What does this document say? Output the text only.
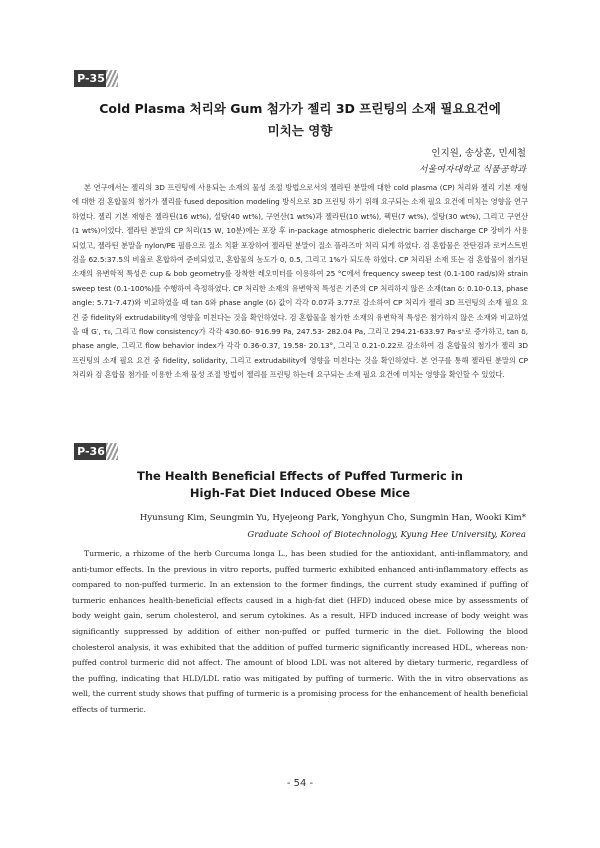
P-35
Cold Plasma 처리와 Gum 첨가가 젤리 3D 프린팅의 소재 필요요건에
미치는 영향
인지원, 송상훈, 민세철
서울여자대학교 식품공학과

본 연구에서는 젤리의 3D 프린팅에 사용되는 소재의 물성 조절 방법으로서의 젤라틴 분말에 대한 cold plasma (CP) 처리와 젤리 기본 재형에 대한 검 혼합물의 첨가가 젤리를 fused deposition modeling 방식으로 3D 프린팅 하기 위해 요구되는 소재 필요 요건에 미치는 영향을 연구하였다. 젤리 기본 재형은 젤라틴(16 wt%), 설탕(40 wt%), 구연산(1 wt%)과 젤라틴(10 wt%), 펙틴(7 wt%), 설탕(30 wt%), 그리고 구연산(1 wt%)이었다. 젤라틴 분말의 CP 처리(15 W, 10분)에는 포장 후 in-package atmospheric dielectric barrier discharge CP 장비가 사용되었고, 젤라틴 분말을 nylon/PE 필름으로 질소 치환 포장하여 젤라틴 분말이 질소 플라즈마 처리 되게 하였다. 검 혼합물은 잔탄검과 로커스트빈검을 62.5:37.5의 비율로 혼합하여 준비되었고, 혼합물의 농도가 0, 0.5, 그리고 1%가 되도록 하였다. CP 처리된 소재 또는 검 혼합물이 첨가된 소재의 유변학적 특성은 cup & bob geometry를 장착한 레오미터를 이용하여 25 °C에서 frequency sweep test (0.1-100 rad/s)와 strain sweep test (0.1-100%)를 수행하여 측정하였다. CP 처리한 소재의 유변학적 특성은 기존의 CP 처리하지 않은 소재(tan δ: 0.10-0.13, phase angle: 5.71-7.47)와 비교하였을 때 tan δ와 phase angle (δ) 값이 각각 0.07과 3.77로 감소하여 CP 처리가 젤리 3D 프린팅의 소재 필요 요건 중 fidelity와 extrudability에 영향을 미친다는 것을 확인하였다. 검 혼합물을 첨가한 소재의 유변학적 특성은 첨가하지 않은 소재와 비교하였을 때 G′, τ₀, 그리고 flow consistency가 각각 430.60- 916.99 Pa, 247.53- 282.04 Pa, 그리고 294.21-633.97 Pa·sⁿ로 증가하고, tan δ, phase angle, 그리고 flow behavior index가 각각 0.36-0.37, 19.58- 20.13°, 그리고 0.21-0.22로 감소하여 검 혼합물의 첨가가 젤리 3D 프린팅의 소재 필요 요건 중 fidelity, solidarity, 그리고 extrudability에 영향을 미친다는 것을 확인하였다. 본 연구를 통해 젤라틴 분말의 CP 처리와 검 혼합물 첨가를 이용한 소재 물성 조절 방법이 젤리를 프린팅 하는데 요구되는 소재 필요 요건에 미치는 영향을 확인할 수 있었다.

P-36
The Health Beneficial Effects of Puffed Turmeric in
High-Fat Diet Induced Obese Mice
Hyunsung Kim, Seungmin Yu, Hyejeong Park, Yonghyun Cho, Sungmin Han, Wooki Kim*
Graduate School of Biotechnology, Kyung Hee University, Korea

Turmeric, a rhizome of the herb Curcuma longa L., has been studied for the antioxidant, anti-inflammatory, and anti-tumor effects. In the previous in vitro reports, puffed turmeric exhibited enhanced anti-inflammatory effects as compared to non-puffed turmeric. In an extension to the former findings, the current study examined if puffing of turmeric enhances health-beneficial effects caused in a high-fat diet (HFD) induced obese mice by assessments of body weight gain, serum cholesterol, and serum cytokines. As a result, HFD induced increase of body weight was significantly suppressed by addition of either non-puffed or puffed turmeric in the diet. Following the blood cholesterol analysis, it was exhibited that the addition of puffed turmeric significantly increased HDL, whereas non-puffed control turmeric did not affect. The amount of blood LDL was not altered by dietary turmeric, regardless of the puffing, indicating that HLD/LDL ratio was mitigated by puffing of turmeric. With the in vitro observations as well, the current study shows that puffing of turmeric is a promising process for the enhancement of health beneficial effects of turmeric.

- 54 -
